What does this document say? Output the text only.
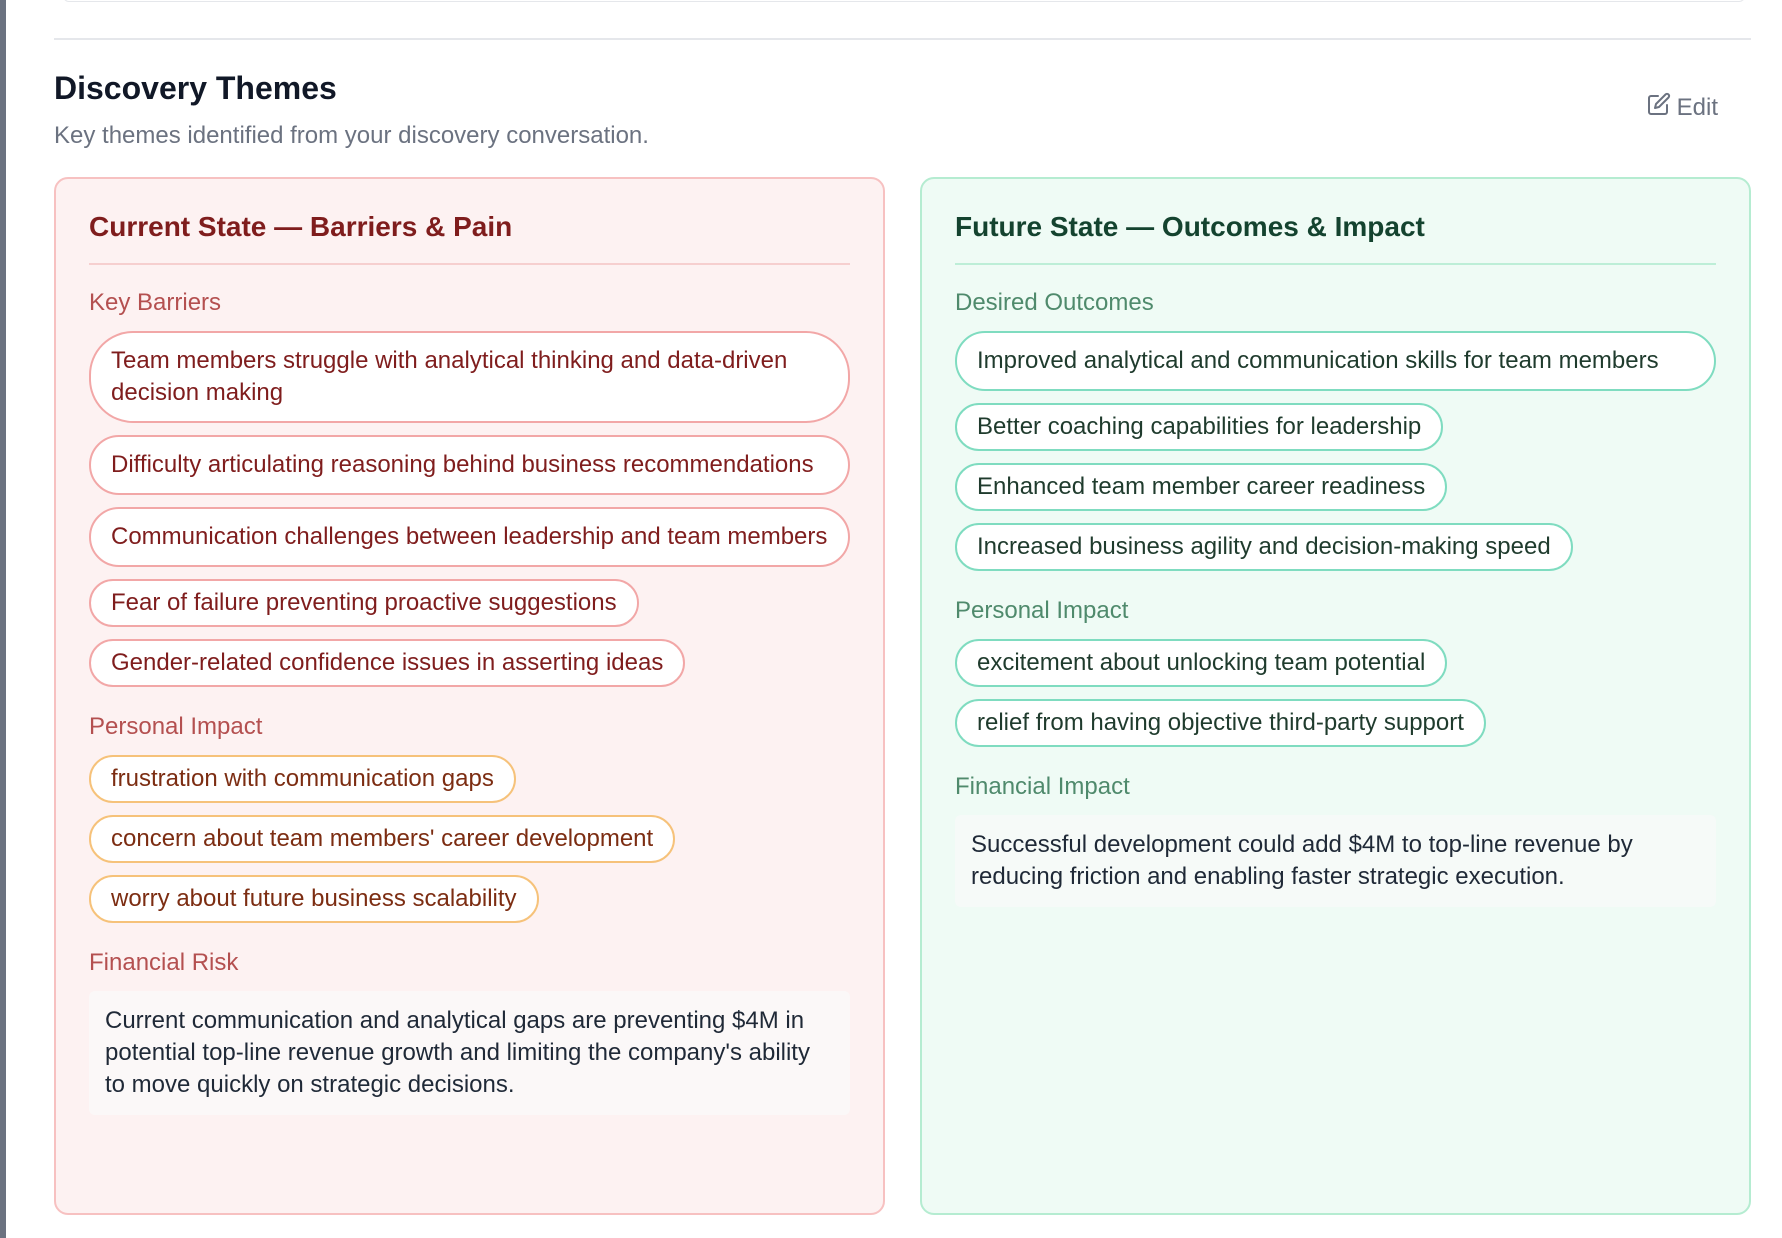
Discovery Themes

Key themes identified from your discovery conversation.

Edit
Current State — Barriers & Pain
Key Barriers
Team members struggle with analytical thinking and data-driven decision making
Difficulty articulating reasoning behind business recommendations
Communication challenges between leadership and team members
Fear of failure preventing proactive suggestions
Gender-related confidence issues in asserting ideas
Personal Impact
frustration with communication gaps
concern about team members' career development
worry about future business scalability
Financial Risk
Current communication and analytical gaps are preventing $4M in potential top-line revenue growth and limiting the company's ability to move quickly on strategic decisions.
Future State — Outcomes & Impact
Desired Outcomes
Improved analytical and communication skills for team members
Better coaching capabilities for leadership
Enhanced team member career readiness
Increased business agility and decision-making speed
Personal Impact
excitement about unlocking team potential
relief from having objective third-party support
Financial Impact
Successful development could add $4M to top-line revenue by reducing friction and enabling faster strategic execution.
